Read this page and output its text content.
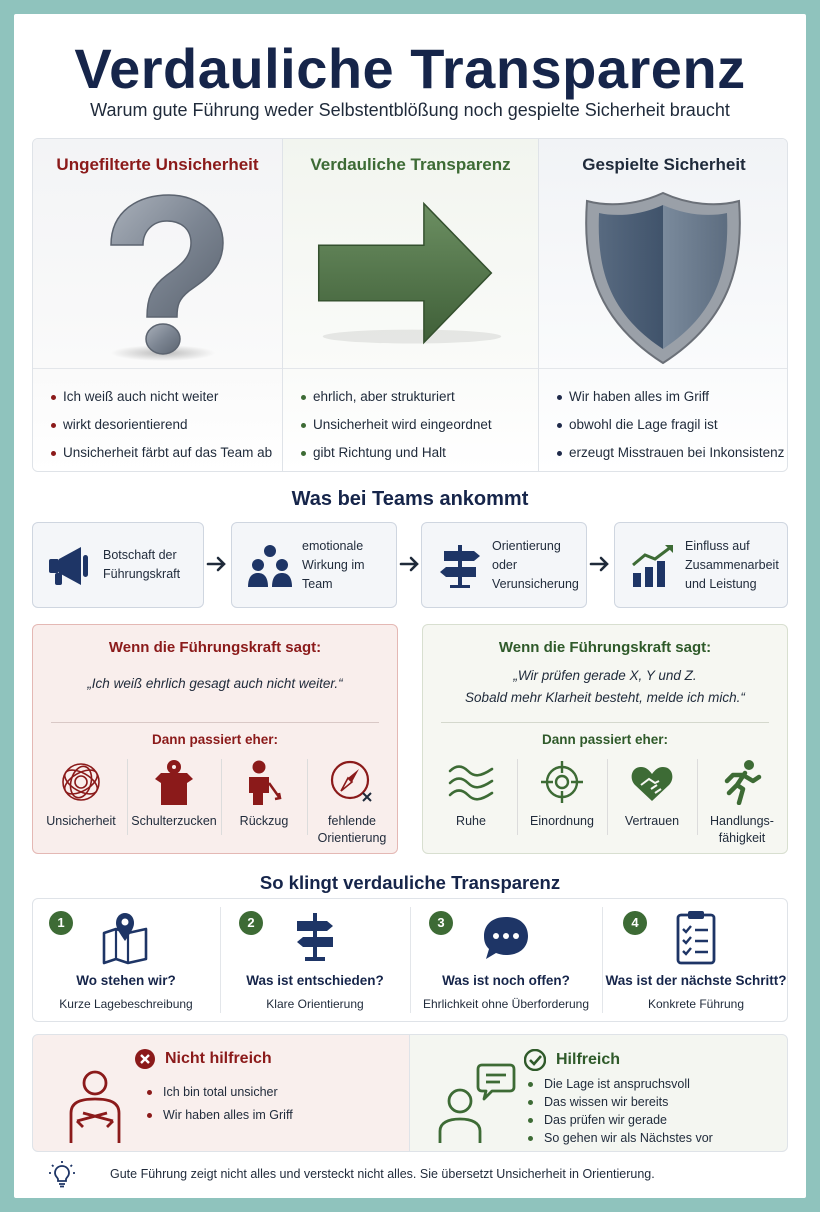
Verdauliche Transparenz
Warum gute Führung weder Selbstentblößung noch gespielte Sicherheit braucht
Ungefilterte Unsicherheit
Ich weiß auch nicht weiter
wirkt desorientierend
Unsicherheit färbt auf das Team ab
Verdauliche Transparenz
ehrlich, aber strukturiert
Unsicherheit wird eingeordnet
gibt Richtung und Halt
Gespielte Sicherheit
Wir haben alles im Griff
obwohl die Lage fragil ist
erzeugt Misstrauen bei Inkonsistenz
Was bei Teams ankommt
Botschaft der
Führungskraft
emotionale
Wirkung im Team
Orientierung oder
Verunsicherung
Einfluss auf
Zusammenarbeit
und Leistung
Wenn die Führungskraft sagt:
„Ich weiß ehrlich gesagt auch nicht weiter.“
Dann passiert eher:
Unsicherheit	Schulterzucken	Rückzug	fehlende
Orientierung
Wenn die Führungskraft sagt:
„Wir prüfen gerade X, Y und Z.
Sobald mehr Klarheit besteht, melde ich mich.“
Dann passiert eher:
Ruhe	Einordnung	Vertrauen	Handlungs-
fähigkeit
So klingt verdauliche Transparenz
1
Wo stehen wir?
Kurze Lagebeschreibung
2
Was ist entschieden?
Klare Orientierung
3
Was ist noch offen?
Ehrlichkeit ohne Überforderung
4
Was ist der nächste Schritt?
Konkrete Führung
Nicht hilfreich
Ich bin total unsicher
Wir haben alles im Griff
Hilfreich
Die Lage ist anspruchsvoll
Das wissen wir bereits
Das prüfen wir gerade
So gehen wir als Nächstes vor
Gute Führung zeigt nicht alles und versteckt nicht alles. Sie übersetzt Unsicherheit in Orientierung.
